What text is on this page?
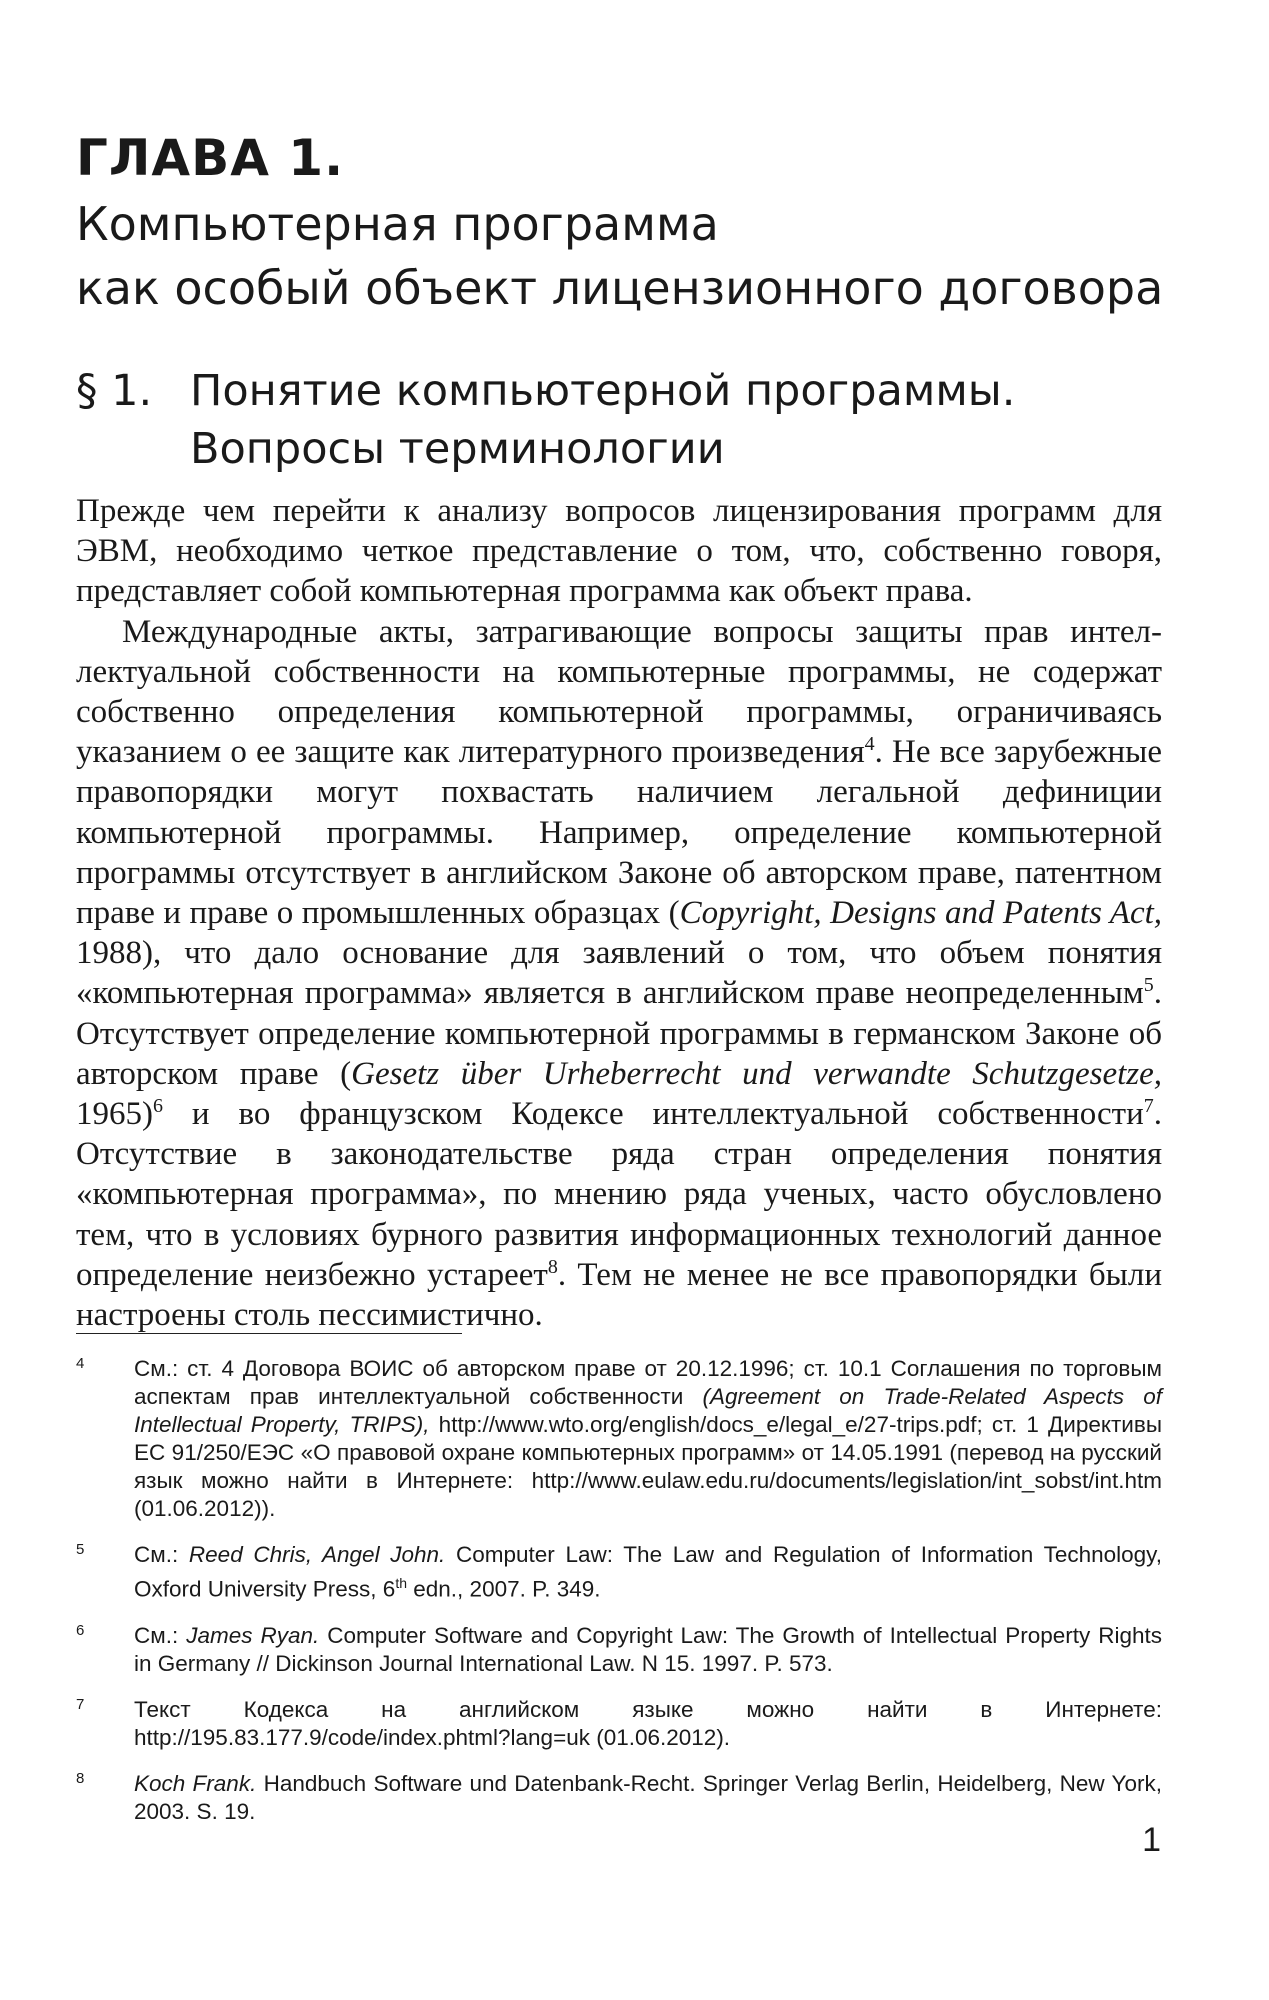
ГЛАВА 1.
Компьютерная программа
как особый объект лицензионного договора
§ 1. Понятие компьютерной программы.
Вопросы терминологии

Прежде чем перейти к анализу вопросов лицензирования программ для ЭВМ, необходимо четкое представление о том, что, собственно говоря, представляет собой компьютерная программа как объект права.

Международные акты, затрагивающие вопросы защиты прав интеллектуальной собственности на компьютерные программы, не содержат собственно определения компьютерной программы, ограничиваясь указанием о ее защите как литературного произведения$^4$. Не все зарубежные правопорядки могут похвастать наличием легальной дефиниции компьютерной программы. Например, определение компьютерной программы отсутствует в английском Законе об авторском праве, патентном праве и праве о промышленных образцах (Copyright, Designs and Patents Act, 1988), что дало основание для заявлений о том, что объем понятия «компьютерная программа» является в английском праве неопределенным$^5$. Отсутствует определение компьютерной программы в германском Законе об авторском праве (Gesetz über Urheberrecht und verwandte Schutzgesetze, 1965)$^6$ и во французском Кодексе интеллектуальной собственности$^7$. Отсутствие в законодательстве ряда стран определения понятия «компьютерная программа», по мнению ряда ученых, часто обусловлено тем, что в условиях бурного развития информационных технологий данное определение неизбежно устареет$^8$. Тем не менее не все правопорядки были настроены столь пессимистично.

4	См.: ст. 4 Договора ВОИС об авторском праве от 20.12.1996; ст. 10.1 Соглашения по торговым аспектам прав интеллектуальной собственности (Agreement on Trade-Related Aspects of Intellectual Property, TRIPS), http://www.wto.org/english/docs_e/legal_e/27-trips.pdf; ст. 1 Директивы ЕС 91/250/ЕЭС «О правовой охране компьютерных программ» от 14.05.1991 (перевод на русский язык можно найти в Интернете: http://www.eulaw.edu.ru/documents/legislation/int_sobst/int.htm (01.06.2012)).
5	См.: Reed Chris, Angel John. Computer Law: The Law and Regulation of Information Technology, Oxford University Press, 6th edn., 2007. P. 349.
6	См.: James Ryan. Computer Software and Copyright Law: The Growth of Intellectual Property Rights in Germany // Dickinson Journal International Law. N 15. 1997. P. 573.
7	Текст Кодекса на английском языке можно найти в Интернете: http://195.83.177.9/code/index.phtml?lang=uk (01.06.2012).
8	Koch Frank. Handbuch Software und Datenbank-Recht. Springer Verlag Berlin, Heidelberg, New York, 2003. S. 19.
1
